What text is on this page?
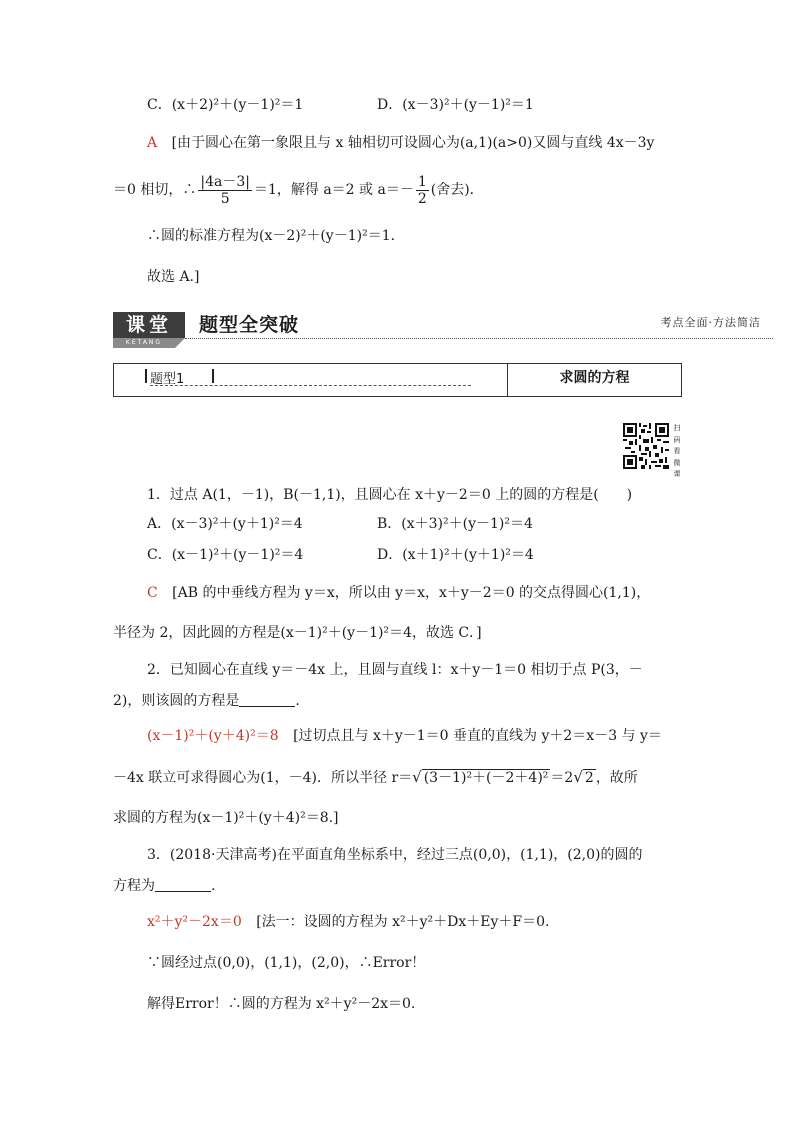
C．(x＋2)²＋(y－1)²＝1	D．(x－3)²＋(y－1)²＝1
A [由于圆心在第一象限且与 x 轴相切可设圆心为(a,1)(a>0)又圆与直线 4x－3y
＝0 相切，∴ $\frac{|4a-3|}{5} =1$，解得 a＝2 或 $a=- \frac{1}{2}$ (舍去)．
∴圆的标准方程为(x－2)²＋(y－1)²＝1.
故选 A.]
课堂
KETANG
题型全突破	考点全面·方法简洁
题型1	求圆的方程
扫码看微课
1．过点 A(1，－1)，B(－1,1)，且圆心在 x＋y－2＝0 上的圆的方程是(　　)
A．(x－3)²＋(y＋1)²＝4	B．(x＋3)²＋(y－1)²＝4
C．(x－1)²＋(y－1)²＝4	D．(x＋1)²＋(y＋1)²＝4
C [AB 的中垂线方程为 y＝x，所以由 y＝x，x＋y－2＝0 的交点得圆心(1,1)，
半径为 2，因此圆的方程是(x－1)²＋(y－1)²＝4，故选 C．]
2．已知圆心在直线 y＝－4x 上，且圆与直线 l：x＋y－1＝0 相切于点 P(3，－
2)，则该圆的方程是	.
(x－1)²＋(y＋4)²＝8 [过切点且与 x＋y－1＝0 垂直的直线为 y＋2＝x－3 与 y＝
－4x 联立可求得圆心为(1，－4)．所以半径 r＝√ (3－1)²＋(－2＋4)² ＝2√ 2 ，故所
求圆的方程为(x－1)²＋(y＋4)²＝8.]
3．(2018·天津高考)在平面直角坐标系中，经过三点(0,0)，(1,1)，(2,0)的圆的
方程为	.
x²＋y²－2x＝0 [法一：设圆的方程为 x²＋y²＋Dx＋Ey＋F＝0.
∵圆经过点(0,0)，(1,1)，(2,0)，∴Error！
解得Error！∴圆的方程为 x²＋y²－2x＝0.
